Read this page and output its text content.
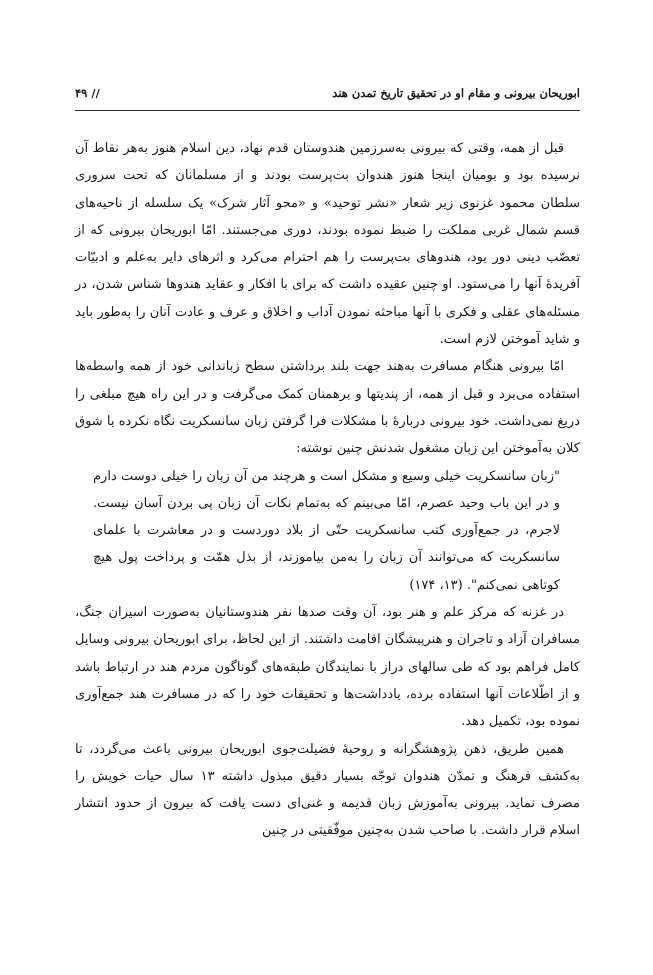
ابوریحان بیرونی و مقام او در تحقیق تاریخ تمدن هند
// ۴۹

قبل از همه، وقتی که بیرونی به‌سرزمین هندوستان قدم نهاد، دین اسلام هنوز به‌هر نقاط آن نرسیده بود و بومیان اینجا هنوز هندوان بت‌پرست بودند و از مسلمانان که تحت سروری سلطان محمود غزنوی زیر شعار «نشر توحید» و «محو آثار شرک» یک سلسله از ناحیه‌های قسم شمال غربی مملکت را ضبط نموده بودند، دوری می‌جستند. امّا ابوریحان بیرونی که از تعصّب دینی دور بود، هندوهای بت‌پرست را هم احترام می‌کرد و اثرهای دایر به‌علم و ادبیّات آفریدهٔ آنها را می‌ستود. او چنین عقیده داشت که برای با افکار و عقاید هندوها شناس شدن، در مسئله‌های عقلی و فکری با آنها مباحثه نمودن آداب و اخلاق و عرف و عادت آنان را به‌طور باید و شاید آموختن لازم است.

امّا بیرونی هنگام مسافرت به‌هند جهت بلند برداشتن سطح زباندانی خود از همه واسطه‌ها استفاده می‌برد و قبل از همه، از پندیتها و برهمنان کمک می‌گرفت و در این راه هیچ مبلغی را دریغ نمی‌داشت. خود بیرونی دربارهٔ با مشکلات فرا گرفتن زبان سانسکریت نگاه نکرده با شوق کلان به‌آموختن این زبان مشغول شدنش چنین نوشته:

"زبان سانسکریت خیلی وسیع و مشکل است و هرچند من آن زبان را خیلی دوست دارم و در این باب وحید عصرم، امّا می‌بینم که به‌تمام نکات آن زبان پی بردن آسان نیست. لاجرم، در جمع‌آوری کتب سانسکریت حتّی از بلاد دوردست و در معاشرت با علمای سانسکریت که می‌توانند آن زبان را به‌من بیاموزند، از بذل همّت و پرداخت پول هیچ کوتاهی نمی‌کنم". (۱۳، ۱۷۴)

در غزنه که مرکز علم و هنر بود، آن وقت صدها نفر هندوستانیان به‌صورت اسیران جنگ، مسافران آزاد و تاجران و هنرپیشگان اقامت داشتند. از این لحاظ، برای ابوریحان بیرونی وسایل کامل فراهم بود که طی سالهای دراز با نمایندگان طبقه‌های گوناگون مردم هند در ارتباط باشد و از اطّلاعات آنها استفاده برده، یادداشت‌ها و تحقیقات خود را که در مسافرت هند جمع‌آوری نموده بود، تکمیل دهد.

همین طریق، ذهن پژوهشگرانه و روحیهٔ فضیلت‌جوی ابوریحان بیرونی باعث می‌گردد، تا به‌کشف فرهنگ و تمدّن هندوان توجّه بسیار دقیق مبذول داشته ۱۳ سال حیات خویش را مصرف نماید. بیرونی به‌آموزش زبان قدیمه و غنی‌ای دست یافت که بیرون از حدود انتشار اسلام قرار داشت. با صاحب شدن به‌چنین موفّقیتی در چنین
